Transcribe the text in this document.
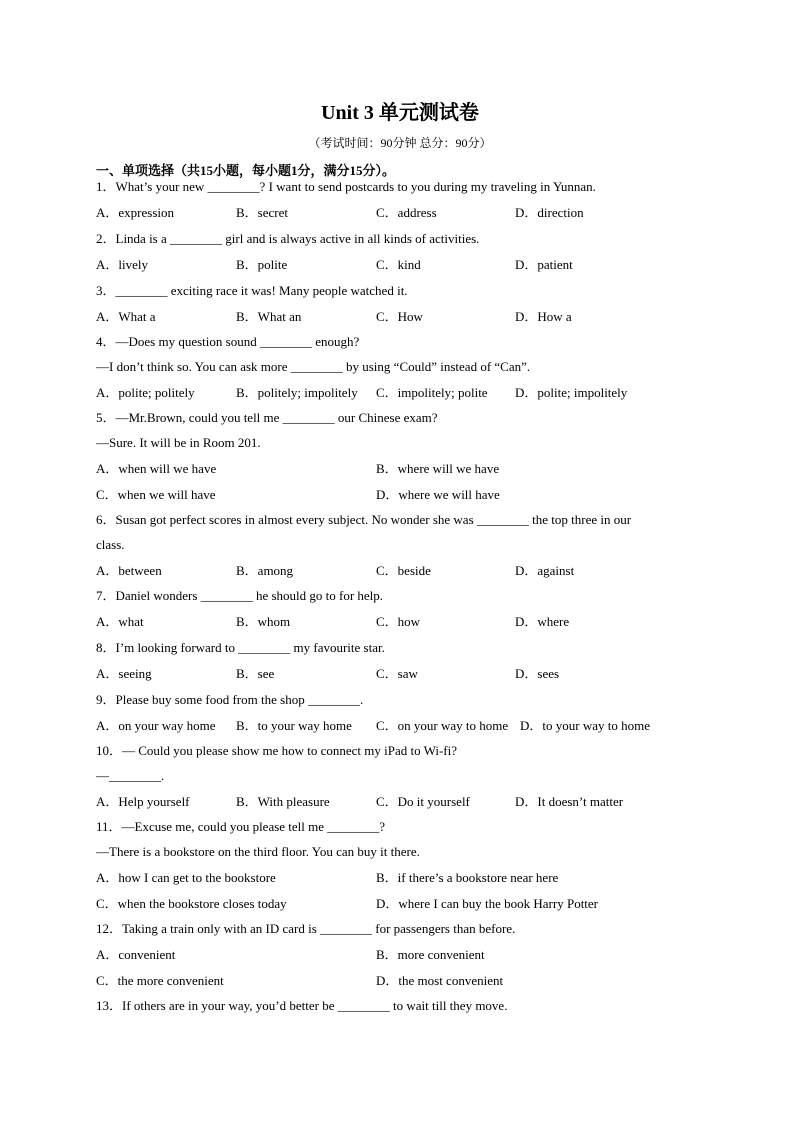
Unit 3 单元测试卷
（考试时间：90分钟 总分：90分）
一、单项选择（共15小题，每小题1分，满分15分）。
1．What’s your new ________? I want to send postcards to you during my traveling in Yunnan.
2．Linda is a ________ girl and is always active in all kinds of activities.
3．________ exciting race it was! Many people watched it.
4．—Does my question sound ________ enough?
—I don’t think so. You can ask more ________ by using “Could” instead of “Can”.
5．—Mr.Brown, could you tell me ________ our Chinese exam?
—Sure. It will be in Room 201.
6．Susan got perfect scores in almost every subject. No wonder she was ________ the top three in our
class.
7．Daniel wonders ________ he should go to for help.
8．I’m looking forward to ________ my favourite star.
9．Please buy some food from the shop ________.
10．— Could you please show me how to connect my iPad to Wi-fi?
—________.
11．—Excuse me, could you please tell me ________?
—There is a bookstore on the third floor. You can buy it there.
12．Taking a train only with an ID card is ________ for passengers than before.
13．If others are in your way, you’d better be ________ to wait till they move.
A．expression	B．secret	C．address	D．direction
A．lively	B．polite	C．kind	D．patient
A．What a	B．What an	C．How	D．How a
A．polite; politely	B．politely; impolitely C．impolitely; polite D．polite; impolitely
A．when will we have	B．where will we have
C．when we will have	D．where we will have
A．between	B．among	C．beside	D．against
A．what	B．whom	C．how	D．where
A．seeing	B．see	C．saw	D．sees
A．on your way home B．to your way home C．on your way to home D．to your way to home
A．Help yourself	B．With pleasure	C．Do it yourself	D．It doesn’t matter
A．how I can get to the bookstore	B．if there’s a bookstore near here
C．when the bookstore closes today	D．where I can buy the book Harry Potter
A．convenient	B．more convenient
C．the more convenient	D．the most convenient
